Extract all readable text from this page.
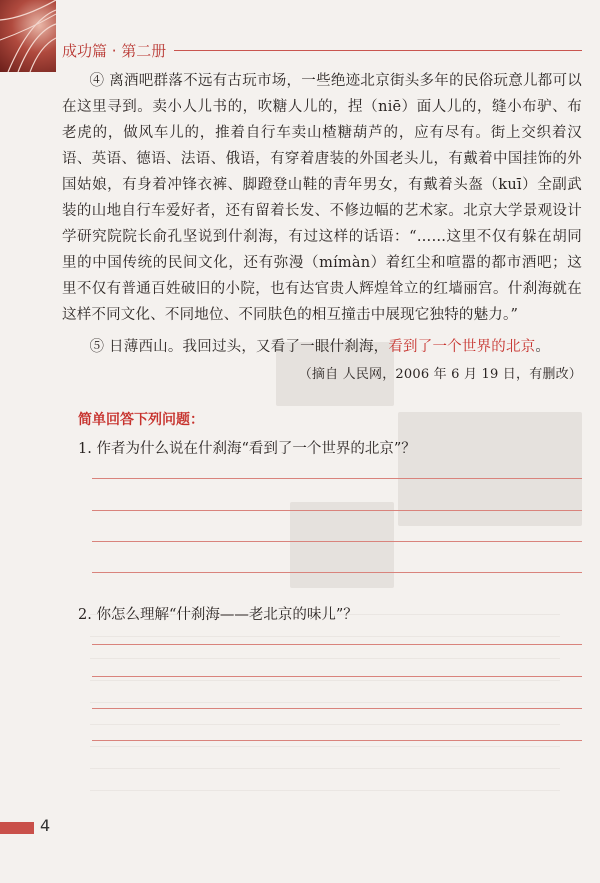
成功篇 · 第二册

④ 离酒吧群落不远有古玩市场，一些绝迹北京街头多年的民俗玩意儿都可以在这里寻到。卖小人儿书的，吹糖人儿的，捏（niē）面人儿的，缝小布驴、布老虎的，做风车儿的，推着自行车卖山楂糖葫芦的，应有尽有。街上交织着汉语、英语、德语、法语、俄语，有穿着唐装的外国老头儿，有戴着中国挂饰的外国姑娘，有身着冲锋衣裤、脚蹬登山鞋的青年男女，有戴着头盔（kuī）全副武装的山地自行车爱好者，还有留着长发、不修边幅的艺术家。北京大学景观设计学研究院院长俞孔坚说到什刹海，有过这样的话语：“……这里不仅有躲在胡同里的中国传统的民间文化，还有弥漫（mímàn）着红尘和喧嚣的都市酒吧；这里不仅有普通百姓破旧的小院，也有达官贵人辉煌耸立的红墙丽宫。什刹海就在这样不同文化、不同地位、不同肤色的相互撞击中展现它独特的魅力。”

⑤ 日薄西山。我回过头，又看了一眼什刹海，看到了一个世界的北京。

（摘自 人民网，2006 年 6 月 19 日，有删改）

简单回答下列问题：
1. 作者为什么说在什刹海“看到了一个世界的北京”？
2. 你怎么理解“什刹海——老北京的味儿”？
4
